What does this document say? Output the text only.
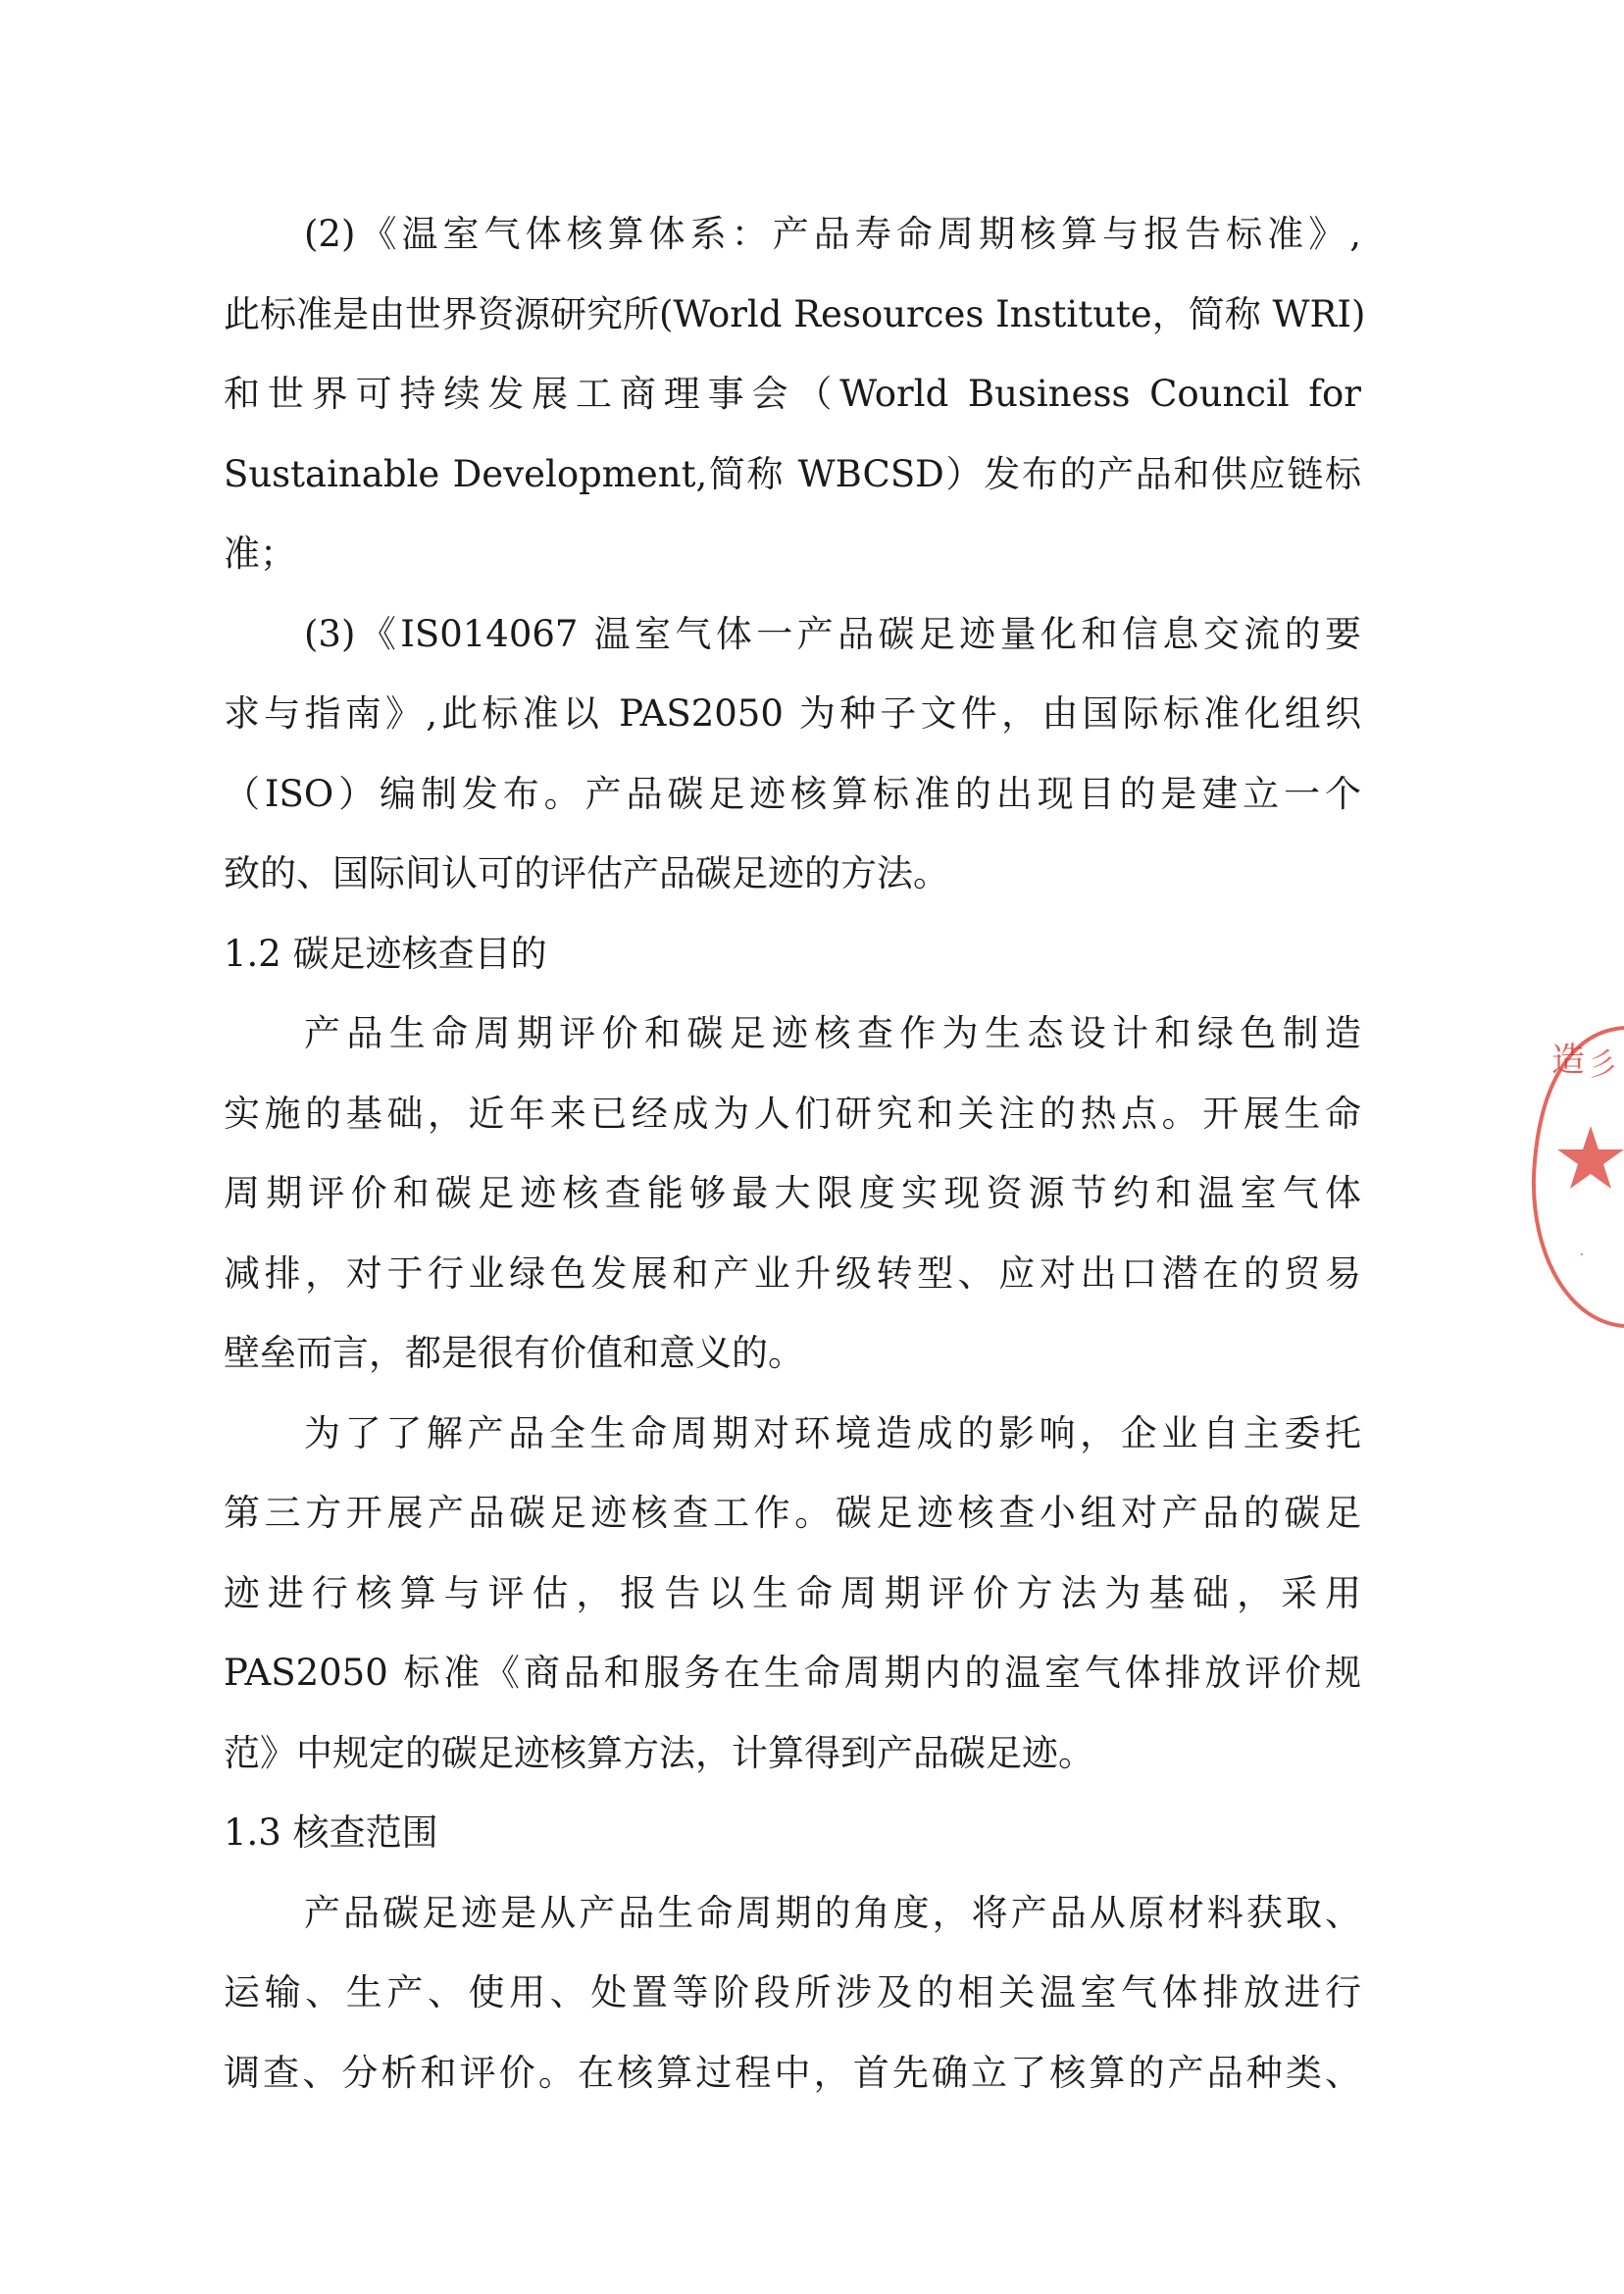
(2)《温室气体核算体系：产品寿命周期核算与报告标准》,
此标准是由世界资源研究所(World Resources Institute，简称 WRI)
和世界可持续发展工商理事会（World Business Council for
Sustainable Development,简称 WBCSD）发布的产品和供应链标
准；
(3)《IS014067 温室气体一产品碳足迹量化和信息交流的要
求与指南》,此标准以 PAS2050 为种子文件，由国际标准化组织
（ISO）编制发布。产品碳足迹核算标准的出现目的是建立一个
致的、国际间认可的评估产品碳足迹的方法。
1.2 碳足迹核查目的
产品生命周期评价和碳足迹核查作为生态设计和绿色制造
实施的基础，近年来已经成为人们研究和关注的热点。开展生命
周期评价和碳足迹核查能够最大限度实现资源节约和温室气体
减排，对于行业绿色发展和产业升级转型、应对出口潜在的贸易
壁垒而言，都是很有价值和意义的。
为了了解产品全生命周期对环境造成的影响，企业自主委托
第三方开展产品碳足迹核查工作。碳足迹核查小组对产品的碳足
迹进行核算与评估，报告以生命周期评价方法为基础，采用
PAS2050 标准《商品和服务在生命周期内的温室气体排放评价规
范》中规定的碳足迹核算方法，计算得到产品碳足迹。
1.3 核查范围
产品碳足迹是从产品生命周期的角度，将产品从原材料获取、
运输、生产、使用、处置等阶段所涉及的相关温室气体排放进行
调查、分析和评价。在核算过程中，首先确立了核算的产品种类、
造 彡
.
